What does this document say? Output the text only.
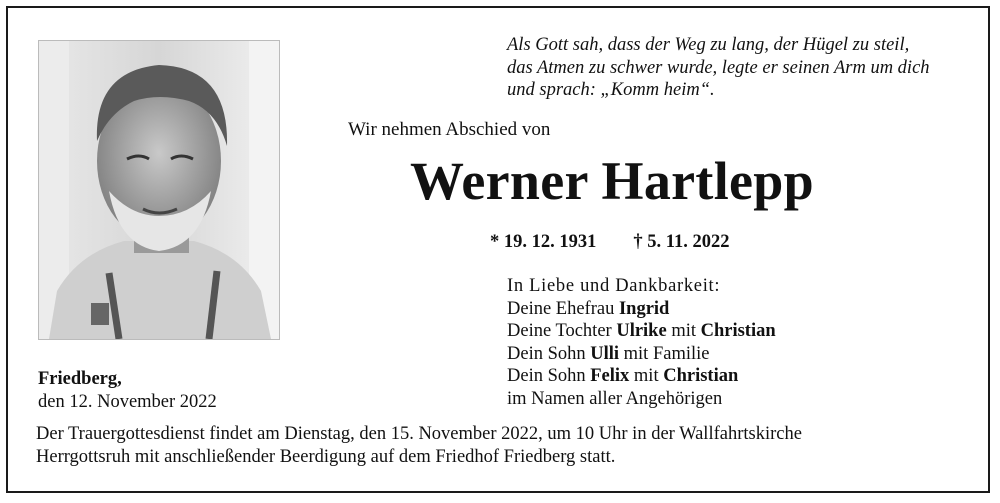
Als Gott sah, dass der Weg zu lang, der Hügel zu steil,
das Atmen zu schwer wurde, legte er seinen Arm um dich
und sprach: „Komm heim“.
Wir nehmen Abschied von
Werner Hartlepp
* 19. 12. 1931 † 5. 11. 2022
In Liebe und Dankbarkeit:
Deine Ehefrau Ingrid
Deine Tochter Ulrike mit Christian
Dein Sohn Ulli mit Familie
Dein Sohn Felix mit Christian
im Namen aller Angehörigen
Friedberg,
den 12. November 2022
Der Trauergottesdienst findet am Dienstag, den 15. November 2022, um 10 Uhr in der Wallfahrtskirche
Herrgottsruh mit anschließender Beerdigung auf dem Friedhof Friedberg statt.
